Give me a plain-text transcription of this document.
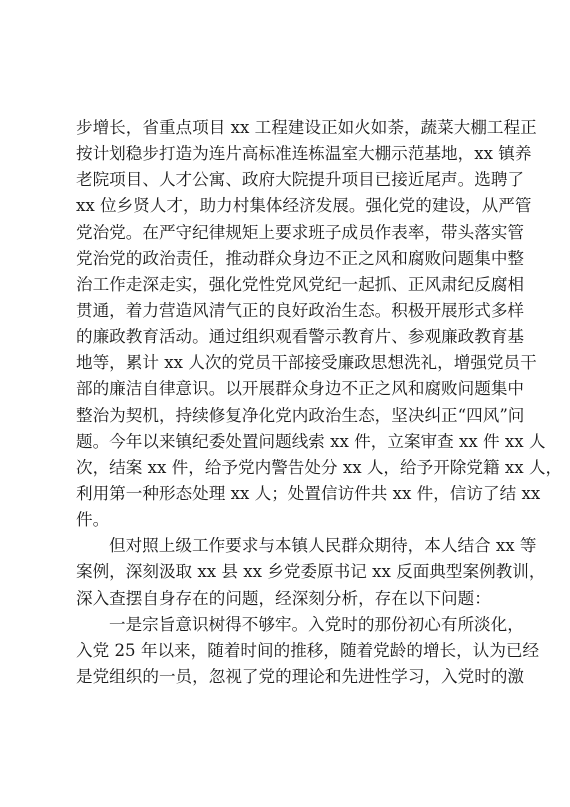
步增长，省重点项目 xx 工程建设正如火如荼，蔬菜大棚工程正
按计划稳步打造为连片高标准连栋温室大棚示范基地，xx 镇养
老院项目、人才公寓、政府大院提升项目已接近尾声。选聘了
xx 位乡贤人才，助力村集体经济发展。强化党的建设，从严管
党治党。在严守纪律规矩上要求班子成员作表率，带头落实管
党治党的政治责任，推动群众身边不正之风和腐败问题集中整
治工作走深走实，强化党性党风党纪一起抓、正风肃纪反腐相
贯通，着力营造风清气正的良好政治生态。积极开展形式多样
的廉政教育活动。通过组织观看警示教育片、参观廉政教育基
地等，累计 xx 人次的党员干部接受廉政思想洗礼，增强党员干
部的廉洁自律意识。以开展群众身边不正之风和腐败问题集中
整治为契机，持续修复净化党内政治生态，坚决纠正“四风”问
题。今年以来镇纪委处置问题线索 xx 件，立案审查 xx 件 xx 人
次，结案 xx 件，给予党内警告处分 xx 人，给予开除党籍 xx 人，
利用第一种形态处理 xx 人；处置信访件共 xx 件，信访了结 xx
件。
但对照上级工作要求与本镇人民群众期待，本人结合 xx 等
案例，深刻汲取 xx 县 xx 乡党委原书记 xx 反面典型案例教训，
深入查摆自身存在的问题，经深刻分析，存在以下问题：
一是宗旨意识树得不够牢。入党时的那份初心有所淡化，
入党 25 年以来，随着时间的推移，随着党龄的增长，认为已经
是党组织的一员，忽视了党的理论和先进性学习，入党时的激
